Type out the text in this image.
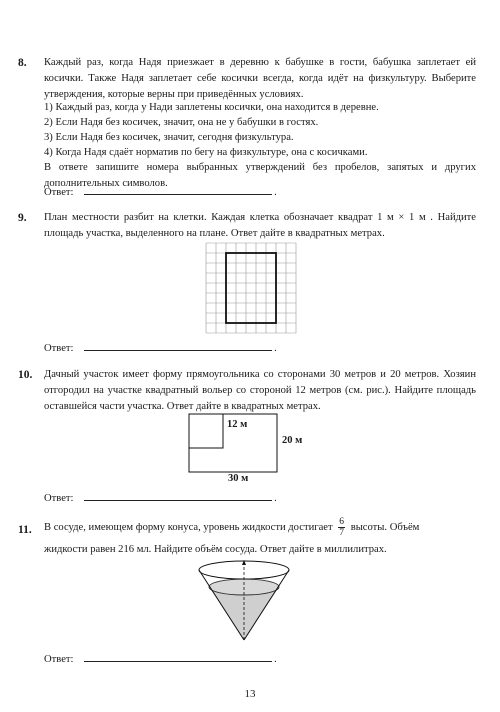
8. Каждый раз, когда Надя приезжает в деревню к бабушке в гости, бабушка заплетает ей косички. Также Надя заплетает себе косички всегда, когда идёт на физкультуру. Выберите утверждения, которые верны при приведённых условиях.

1) Каждый раз, когда у Нади заплетены косички, она находится в деревне.
2) Если Надя без косичек, значит, она не у бабушки в гостях.
3) Если Надя без косичек, значит, сегодня физкультура.
4) Когда Надя сдаёт норматив по бегу на физкультуре, она с косичками.

В ответе запишите номера выбранных утверждений без пробелов, запятых и других дополнительных символов.

Ответ:	.
9. План местности разбит на клетки. Каждая клетка обозначает квадрат 1 м × 1 м . Найдите площадь участка, выделенного на плане. Ответ дайте в квадратных метрах.
Ответ:	.
10. Дачный участок имеет форму прямоугольника со сторонами 30 метров и 20 метров. Хозяин отгородил на участке квадратный вольер со стороной 12 метров (см. рис.). Найдите площадь оставшейся части участка. Ответ дайте в квадратных метрах.
12 м
20 м
30 м
Ответ:	.
11. В сосуде, имеющем форму конуса, уровень жидкости достигает $\frac{6}{7}$ высоты. Объём
жидкости равен 216 мл. Найдите объём сосуда. Ответ дайте в миллилитрах.
Ответ:	.
13
